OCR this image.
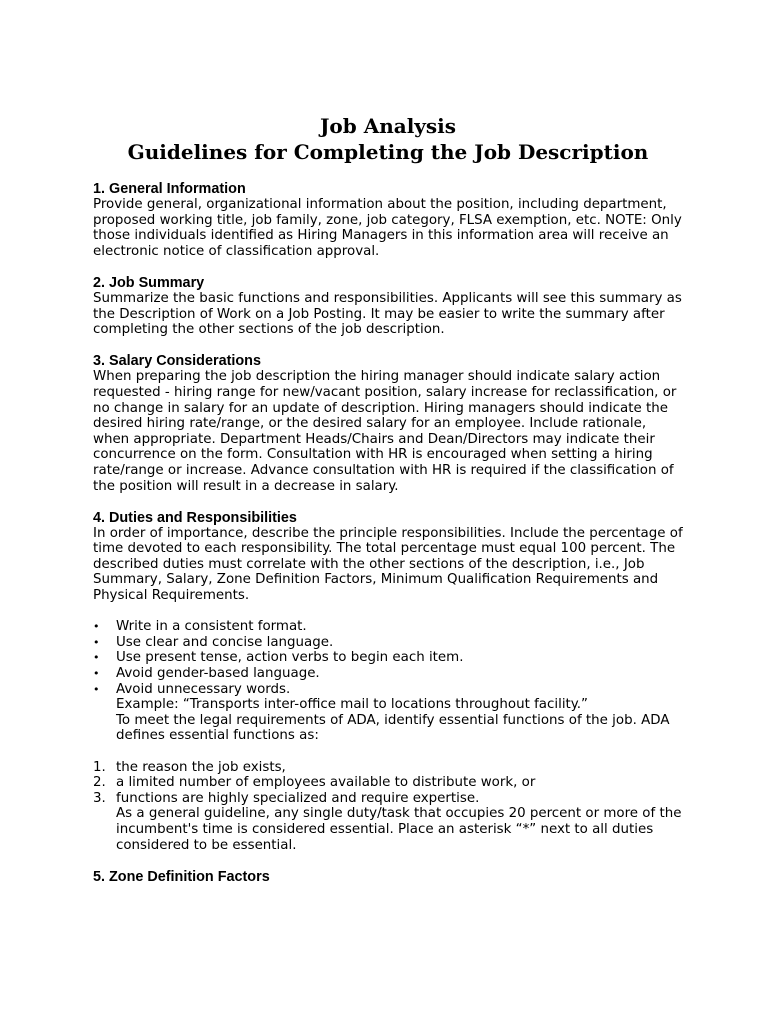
Job Analysis
Guidelines for Completing the Job Description
1. General Information

Provide general, organizational information about the position, including department, proposed working title, job family, zone, job category, FLSA exemption, etc. NOTE: Only those individuals identified as Hiring Managers in this information area will receive an electronic notice of classification approval.

2. Job Summary

Summarize the basic functions and responsibilities. Applicants will see this summary as the Description of Work on a Job Posting. It may be easier to write the summary after completing the other sections of the job description.

3. Salary Considerations

When preparing the job description the hiring manager should indicate salary action requested - hiring range for new/vacant position, salary increase for reclassification, or no change in salary for an update of description. Hiring managers should indicate the desired hiring rate/range, or the desired salary for an employee. Include rationale, when appropriate. Department Heads/Chairs and Dean/Directors may indicate their concurrence on the form. Consultation with HR is encouraged when setting a hiring rate/range or increase. Advance consultation with HR is required if the classification of the position will result in a decrease in salary.

4. Duties and Responsibilities

In order of importance, describe the principle responsibilities. Include the percentage of time devoted to each responsibility. The total percentage must equal 100 percent. The described duties must correlate with the other sections of the description, i.e., Job Summary, Salary, Zone Definition Factors, Minimum Qualification Requirements and Physical Requirements.

• Write in a consistent format.
• Use clear and concise language.
• Use present tense, action verbs to begin each item.
• Avoid gender-based language.
• Avoid unnecessary words.
Example: “Transports inter-office mail to locations throughout facility.”
To meet the legal requirements of ADA, identify essential functions of the job. ADA defines essential functions as:
1. the reason the job exists,
2. a limited number of employees available to distribute work, or
3. functions are highly specialized and require expertise.
As a general guideline, any single duty/task that occupies 20 percent or more of the incumbent's time is considered essential. Place an asterisk “*” next to all duties considered to be essential.
5. Zone Definition Factors
